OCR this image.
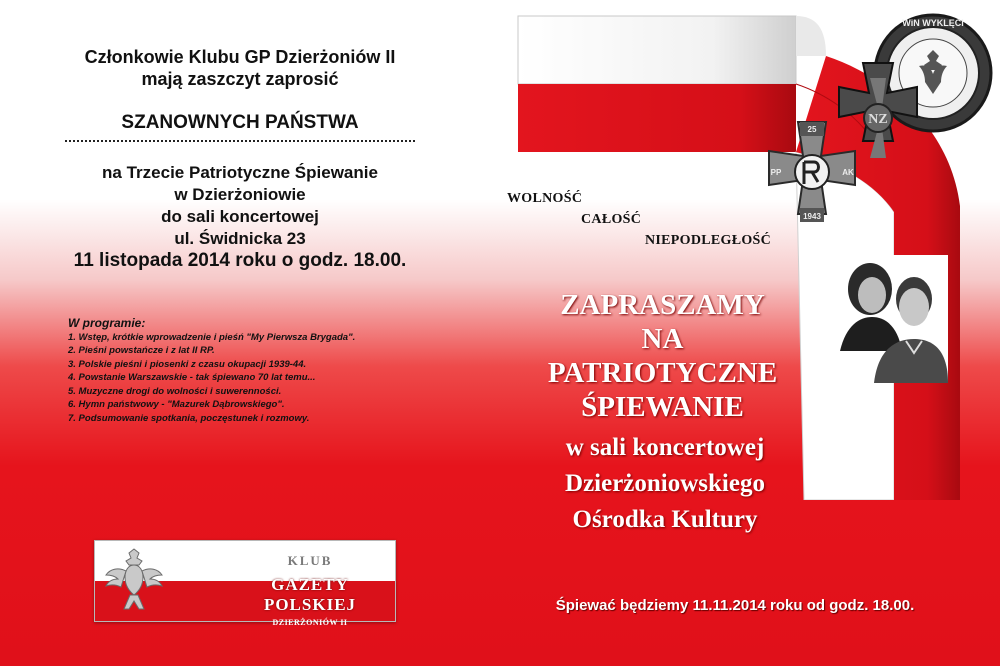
Członkowie Klubu GP Dzierżoniów II
mają zaszczyt zaprosić
SZANOWNYCH PAŃSTWA
na Trzecie Patriotyczne Śpiewanie
w Dzierżoniowie
do sali koncertowej
ul. Świdnicka 23
11 listopada 2014 roku o godz. 18.00.
W programie:
1. Wstęp, krótkie wprowadzenie i pieśń "My Pierwsza Brygada".
2. Pieśni powstańcze i z lat II RP.
3. Polskie pieśni i piosenki z czasu okupacji 1939-44.
4. Powstanie Warszawskie - tak śpiewano 70 lat temu...
5. Muzyczne drogi do wolności i suwerenności.
6. Hymn państwowy - "Mazurek Dąbrowskiego".
7. Podsumowanie spotkania, poczęstunek i rozmowy.
KLUB
GAZETY POLSKIEJ
DZIERŻONIÓW II
WiN WYKLĘCI
NZ
25
1943
PP	AK
WOLNOŚĆ
CAŁOŚĆ
NIEPODLEGŁOŚĆ
ZAPRASZAMY
NA
PATRIOTYCZNE
ŚPIEWANIE
w sali koncertowej
Dzierżoniowskiego
Ośrodka Kultury
Śpiewać będziemy 11.11.2014 roku od godz. 18.00.
